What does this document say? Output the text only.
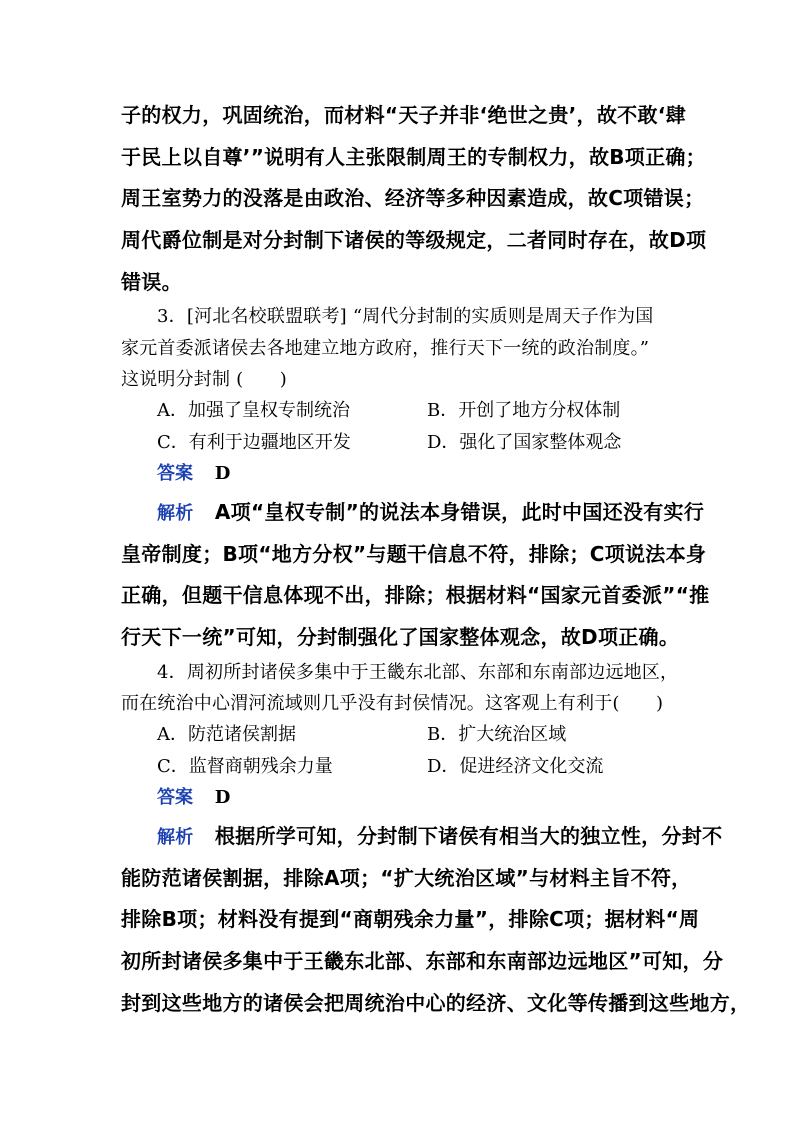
子的权力，巩固统治，而材料“天子并非‘绝世之贵’，故不敢‘肆
于民上以自尊’”说明有人主张限制周王的专制权力，故B项正确；
周王室势力的没落是由政治、经济等多种因素造成，故C项错误；
周代爵位制是对分封制下诸侯的等级规定，二者同时存在，故D项
错误。
3．[河北名校联盟联考] “周代分封制的实质则是周天子作为国
家元首委派诸侯去各地建立地方政府，推行天下一统的政治制度。”
这说明分封制 (　　)
A．加强了皇权专制统治	B．开创了地方分权体制
C．有利于边疆地区开发	D．强化了国家整体观念
答案 D
解析 A项“皇权专制”的说法本身错误，此时中国还没有实行
皇帝制度；B项“地方分权”与题干信息不符，排除；C项说法本身
正确，但题干信息体现不出，排除；根据材料“国家元首委派”“推
行天下一统”可知，分封制强化了国家整体观念，故D项正确。
4．周初所封诸侯多集中于王畿东北部、东部和东南部边远地区，
而在统治中心渭河流域则几乎没有封侯情况。这客观上有利于(　　)
A．防范诸侯割据	B．扩大统治区域
C．监督商朝残余力量	D．促进经济文化交流
答案 D
解析 根据所学可知，分封制下诸侯有相当大的独立性，分封不
能防范诸侯割据，排除A项；“扩大统治区域”与材料主旨不符，
排除B项；材料没有提到“商朝残余力量”，排除C项；据材料“周
初所封诸侯多集中于王畿东北部、东部和东南部边远地区”可知，分
封到这些地方的诸侯会把周统治中心的经济、文化等传播到这些地方，
